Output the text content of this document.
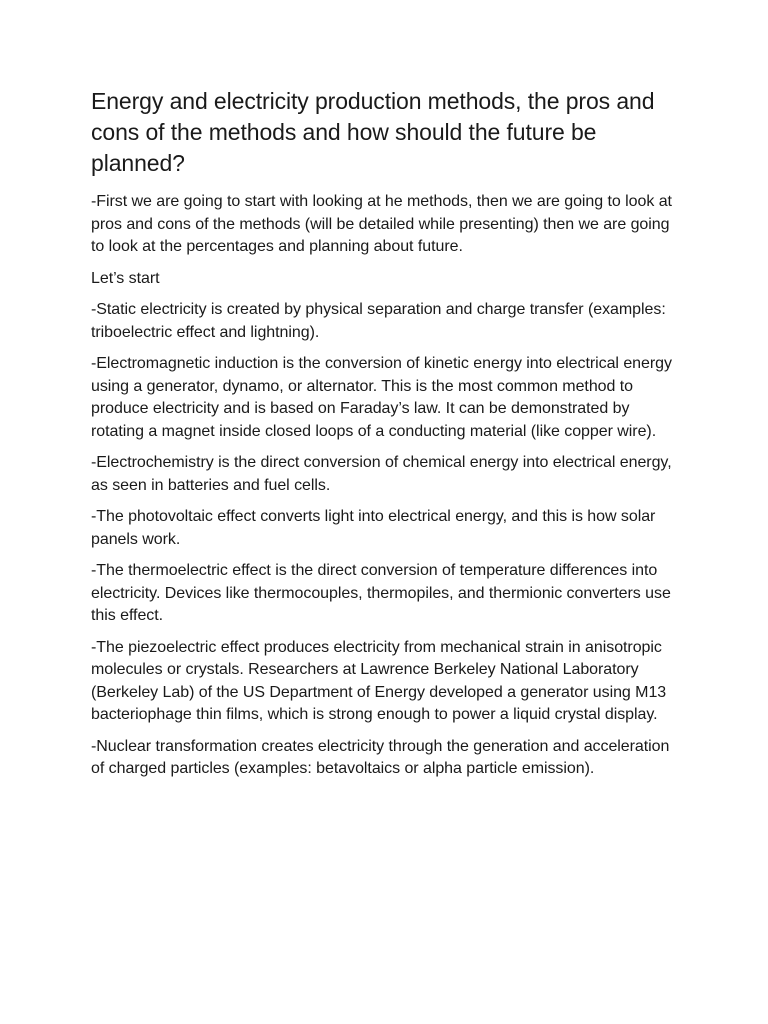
Energy and electricity production methods, the pros and cons of the methods and how should the future be planned?

-First we are going to start with looking at he methods, then we are going to look at pros and cons of the methods (will be detailed while presenting) then we are going to look at the percentages and planning about future.

Let’s start

-Static electricity is created by physical separation and charge transfer (examples: triboelectric effect and lightning).

-Electromagnetic induction is the conversion of kinetic energy into electrical energy using a generator, dynamo, or alternator. This is the most common method to produce electricity and is based on Faraday’s law. It can be demonstrated by rotating a magnet inside closed loops of a conducting material (like copper wire).

-Electrochemistry is the direct conversion of chemical energy into electrical energy, as seen in batteries and fuel cells.

-The photovoltaic effect converts light into electrical energy, and this is how solar panels work.

-The thermoelectric effect is the direct conversion of temperature differences into electricity. Devices like thermocouples, thermopiles, and thermionic converters use this effect.

-The piezoelectric effect produces electricity from mechanical strain in anisotropic molecules or crystals. Researchers at Lawrence Berkeley National Laboratory (Berkeley Lab) of the US Department of Energy developed a generator using M13 bacteriophage thin films, which is strong enough to power a liquid crystal display.

-Nuclear transformation creates electricity through the generation and acceleration of charged particles (examples: betavoltaics or alpha particle emission).
